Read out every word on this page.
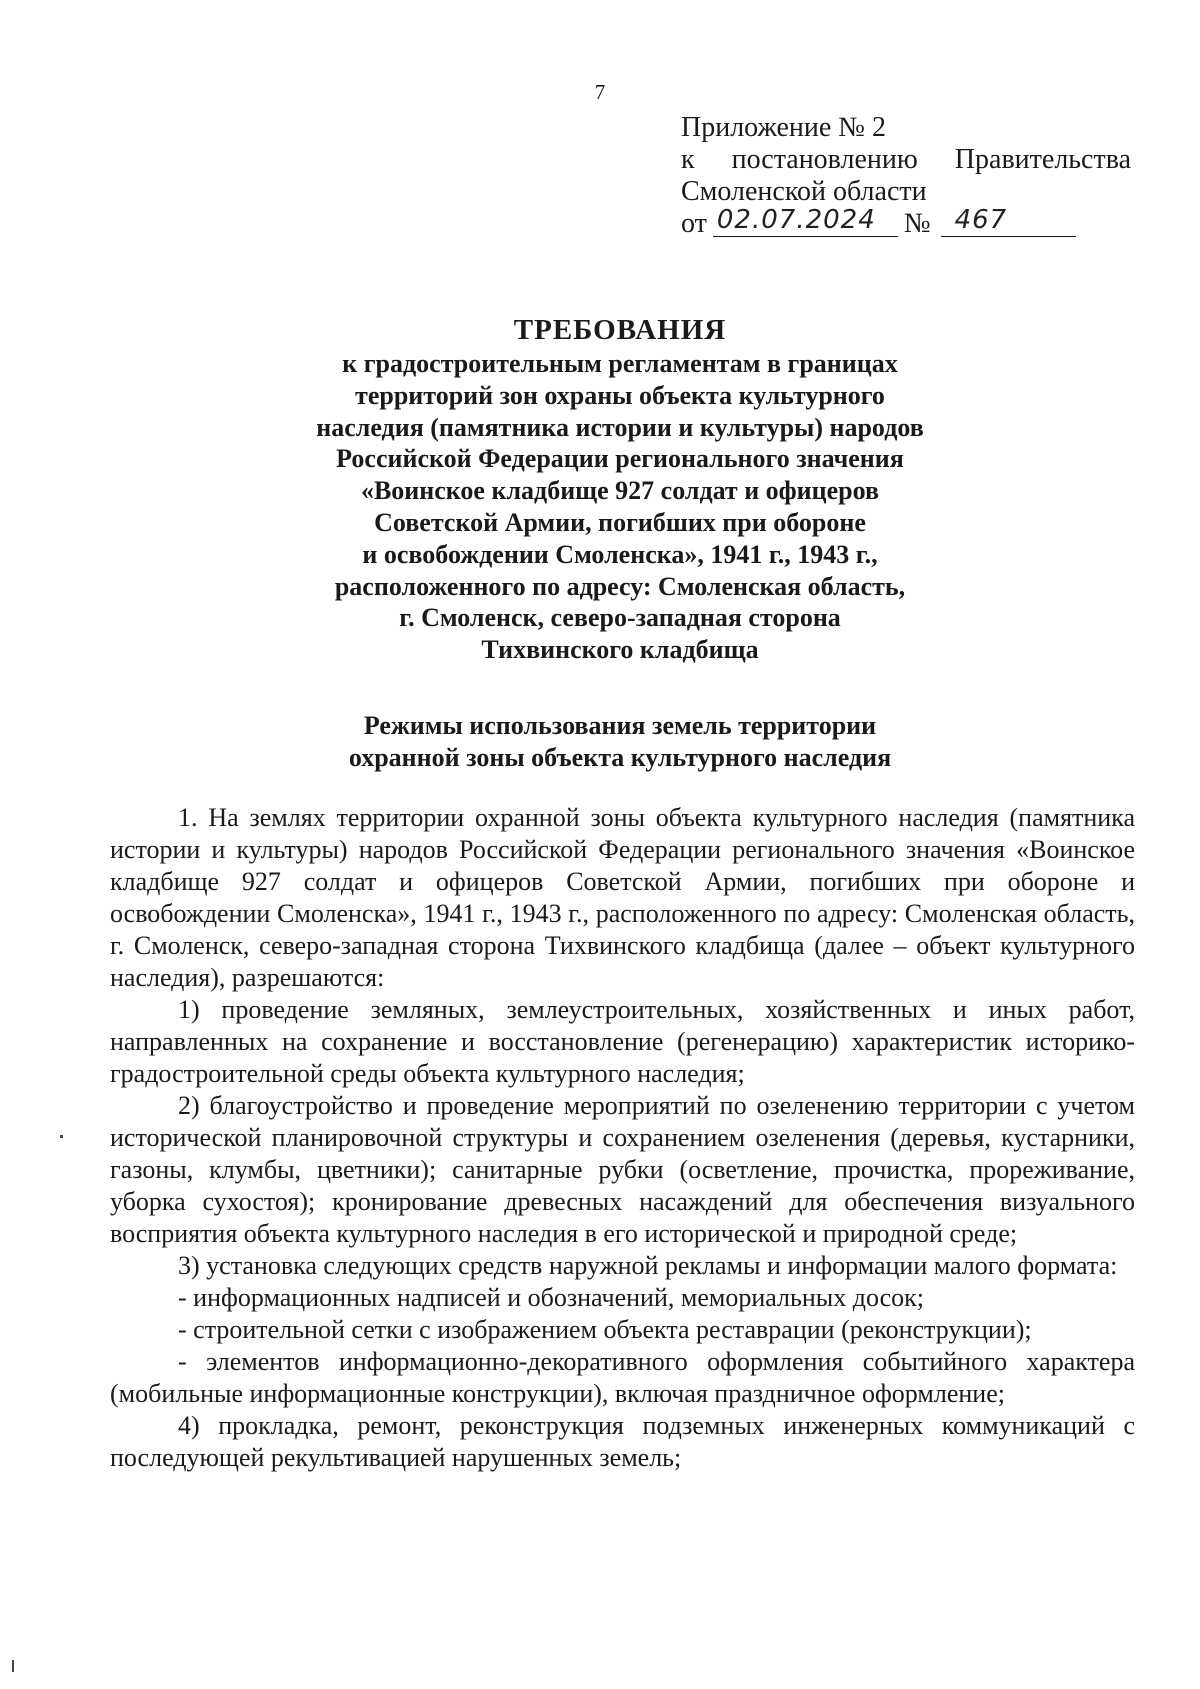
7
Приложение № 2
к постановлению Правительства
Смоленской области
от 02.07.2024 № 467
ТРЕБОВАНИЯ
к градостроительным регламентам в границах
территорий зон охраны объекта культурного
наследия (памятника истории и культуры) народов
Российской Федерации регионального значения
«Воинское кладбище 927 солдат и офицеров
Советской Армии, погибших при обороне
и освобождении Смоленска», 1941 г., 1943 г.,
расположенного по адресу: Смоленская область,
г. Смоленск, северо-западная сторона
Тихвинского кладбища
Режимы использования земель территории
охранной зоны объекта культурного наследия

1. На землях территории охранной зоны объекта культурного наследия (памятника истории и культуры) народов Российской Федерации регионального значения «Воинское кладбище 927 солдат и офицеров Советской Армии, погибших при обороне и освобождении Смоленска», 1941 г., 1943 г., расположенного по адресу: Смоленская область, г. Смоленск, северо-западная сторона Тихвинского кладбища (далее – объект культурного наследия), разрешаются:

1) проведение земляных, землеустроительных, хозяйственных и иных работ, направленных на сохранение и восстановление (регенерацию) характеристик историко-градостроительной среды объекта культурного наследия;

2) благоустройство и проведение мероприятий по озеленению территории с учетом исторической планировочной структуры и сохранением озеленения (деревья, кустарники, газоны, клумбы, цветники); санитарные рубки (осветление, прочистка, прореживание, уборка сухостоя); кронирование древесных насаждений для обеспечения визуального восприятия объекта культурного наследия в его исторической и природной среде;

3) установка следующих средств наружной рекламы и информации малого формата:

- информационных надписей и обозначений, мемориальных досок;

- строительной сетки с изображением объекта реставрации (реконструкции);

- элементов информационно-декоративного оформления событийного характера (мобильные информационные конструкции), включая праздничное оформление;

4) прокладка, ремонт, реконструкция подземных инженерных коммуникаций с последующей рекультивацией нарушенных земель;
